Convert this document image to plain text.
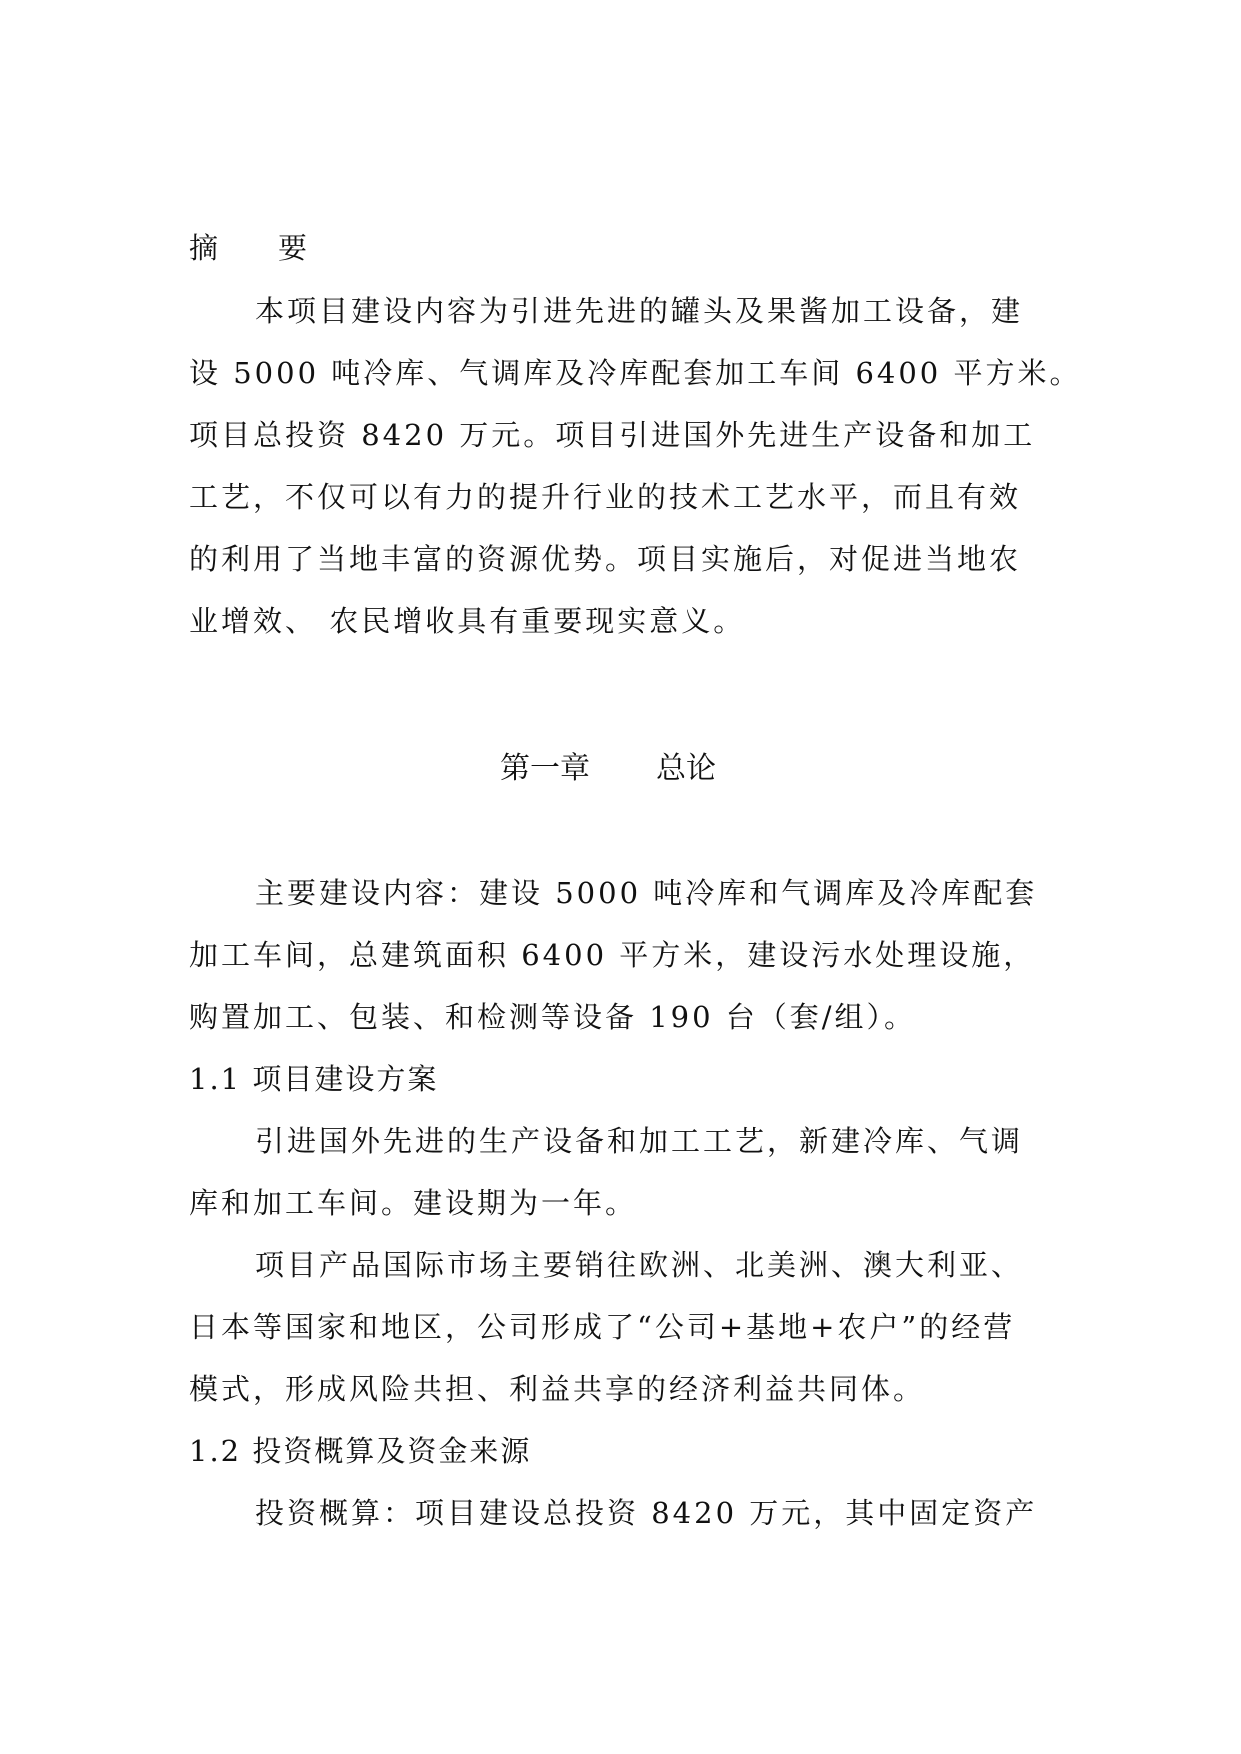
摘 要
本项目建设内容为引进先进的罐头及果酱加工设备，建
设 5000 吨冷库、气调库及冷库配套加工车间 6400 平方米。
项目总投资 8420 万元。项目引进国外先进生产设备和加工
工艺，不仅可以有力的提升行业的技术工艺水平，而且有效
的利用了当地丰富的资源优势。项目实施后，对促进当地农
业增效、 农民增收具有重要现实意义。
第一章 总论
主要建设内容：建设 5000 吨冷库和气调库及冷库配套
加工车间，总建筑面积 6400 平方米，建设污水处理设施，
购置加工、包装、和检测等设备 190 台（套/组）。
1.1 项目建设方案
引进国外先进的生产设备和加工工艺，新建冷库、气调
库和加工车间。建设期为一年。
项目产品国际市场主要销往欧洲、北美洲、澳大利亚、
日本等国家和地区，公司形成了“公司+基地+农户”的经营
模式，形成风险共担、利益共享的经济利益共同体。
1.2 投资概算及资金来源
投资概算：项目建设总投资 8420 万元，其中固定资产
